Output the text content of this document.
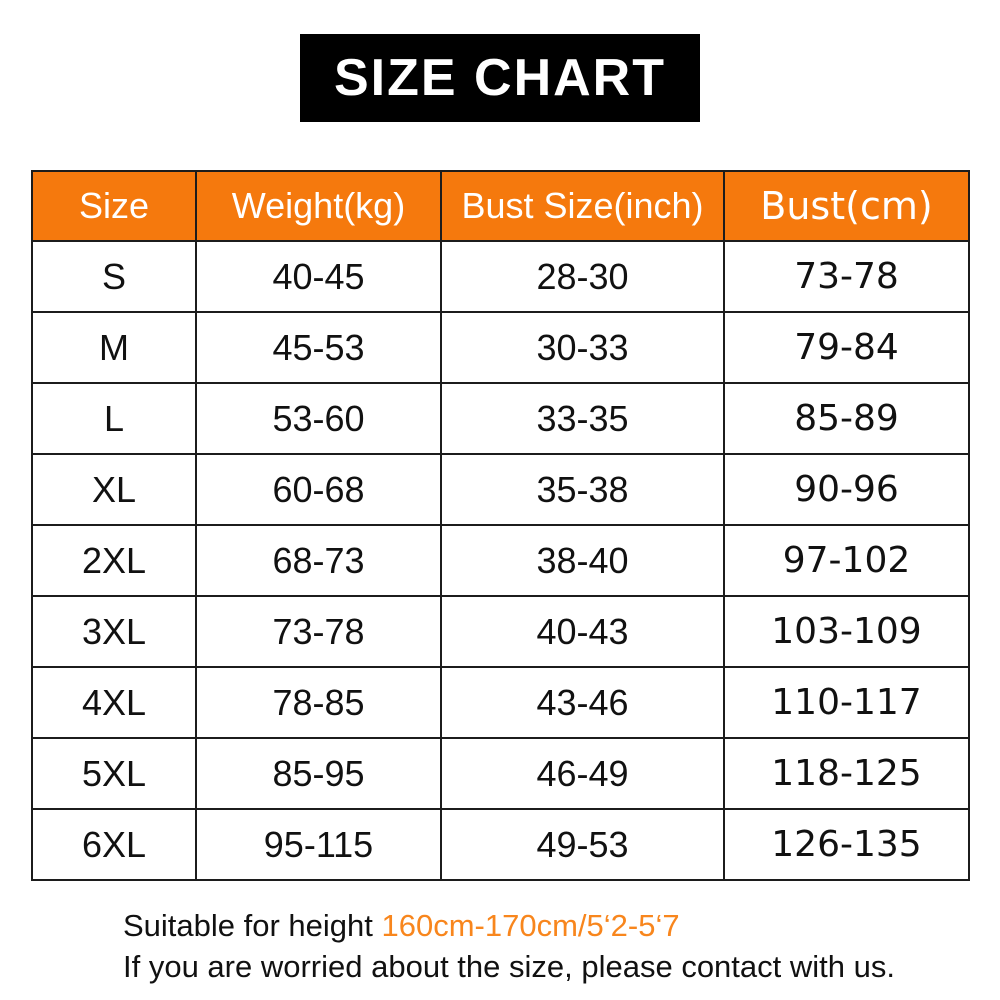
SIZE CHART
Size	Weight(kg)	Bust Size(inch)	Bust(cm)
S	40-45	28-30	73-78
M	45-53	30-33	79-84
L	53-60	33-35	85-89
XL	60-68	35-38	90-96
2XL	68-73	38-40	97-102
3XL	73-78	40-43	103-109
4XL	78-85	43-46	110-117
5XL	85-95	46-49	118-125
6XL	95-115	49-53	126-135
Suitable for height 160cm-170cm/5‘2-5‘7
If you are worried about the size, please contact with us.
